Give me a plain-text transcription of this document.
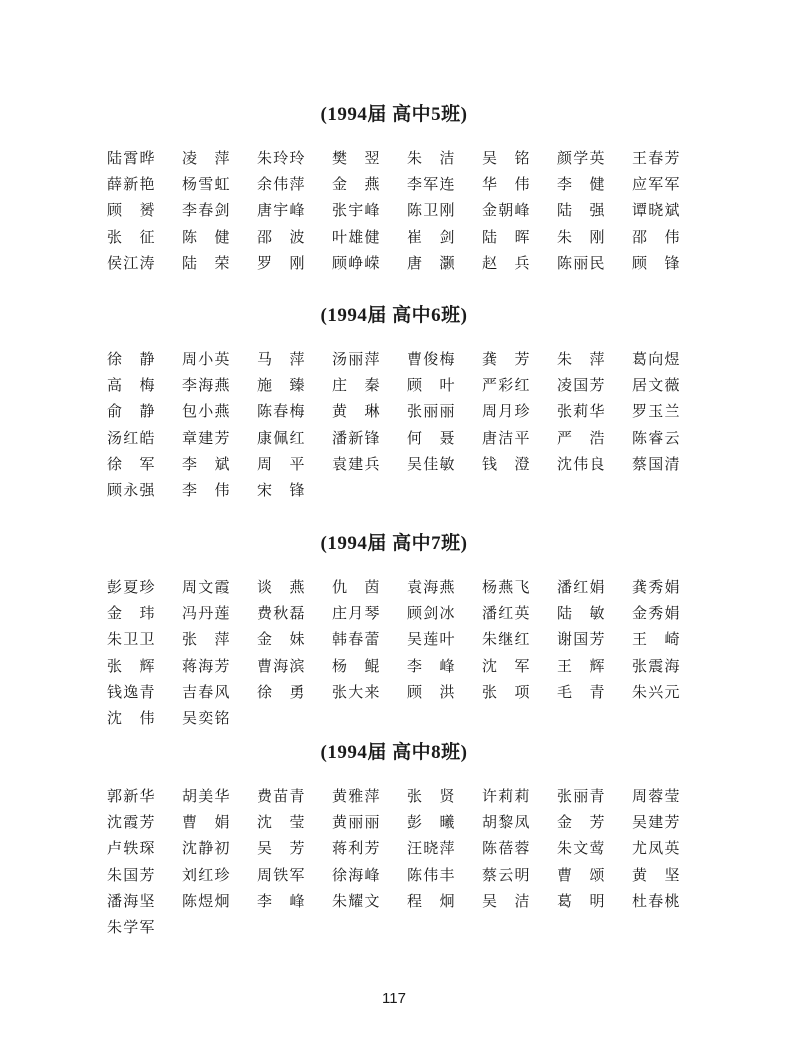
(1994届 高中5班)
陆霄晔	凌 萍	朱玲玲	樊 翌	朱 洁	吴 铭	颜学英	王春芳
薛新艳	杨雪虹	余伟萍	金 燕	李军连	华 伟	李 健	应军军
顾 赟	李春剑	唐宇峰	张宇峰	陈卫刚	金朝峰	陆 强	谭晓斌
张 征	陈 健	邵 波	叶雄健	崔 剑	陆 晖	朱 刚	邵 伟
侯江涛	陆 荣	罗 刚	顾峥嵘	唐 灏	赵 兵	陈丽民	顾 锋
(1994届 高中6班)
徐 静	周小英	马 萍	汤丽萍	曹俊梅	龚 芳	朱 萍	葛向煜
高 梅	李海燕	施 臻	庄 秦	顾 叶	严彩红	凌国芳	居文薇
俞 静	包小燕	陈春梅	黄 琳	张丽丽	周月珍	张莉华	罗玉兰
汤红皓	章建芳	康佩红	潘新锋	何 聂	唐洁平	严 浩	陈睿云
徐 军	李 斌	周 平	袁建兵	吴佳敏	钱 澄	沈伟良	蔡国清
顾永强	李 伟	宋 锋
(1994届 高中7班)
彭夏珍	周文霞	谈 燕	仇 茵	袁海燕	杨燕飞	潘红娟	龚秀娟
金 玮	冯丹莲	费秋磊	庄月琴	顾剑冰	潘红英	陆 敏	金秀娟
朱卫卫	张 萍	金 妹	韩春蕾	吴莲叶	朱继红	谢国芳	王 崎
张 辉	蒋海芳	曹海滨	杨 鲲	李 峰	沈 军	王 辉	张震海
钱逸青	吉春风	徐 勇	张大来	顾 洪	张 项	毛 青	朱兴元
沈 伟	吴奕铭
(1994届 高中8班)
郭新华	胡美华	费苗青	黄雅萍	张 贤	许莉莉	张丽青	周蓉莹
沈霞芳	曹 娟	沈 莹	黄丽丽	彭 曦	胡黎凤	金 芳	吴建芳
卢轶琛	沈静初	吴 芳	蒋利芳	汪晓萍	陈蓓蓉	朱文莺	尤凤英
朱国芳	刘红珍	周铁军	徐海峰	陈伟丰	蔡云明	曹 颂	黄 坚
潘海坚	陈煜炯	李 峰	朱耀文	程 炯	吴 洁	葛 明	杜春桃
朱学军
117
